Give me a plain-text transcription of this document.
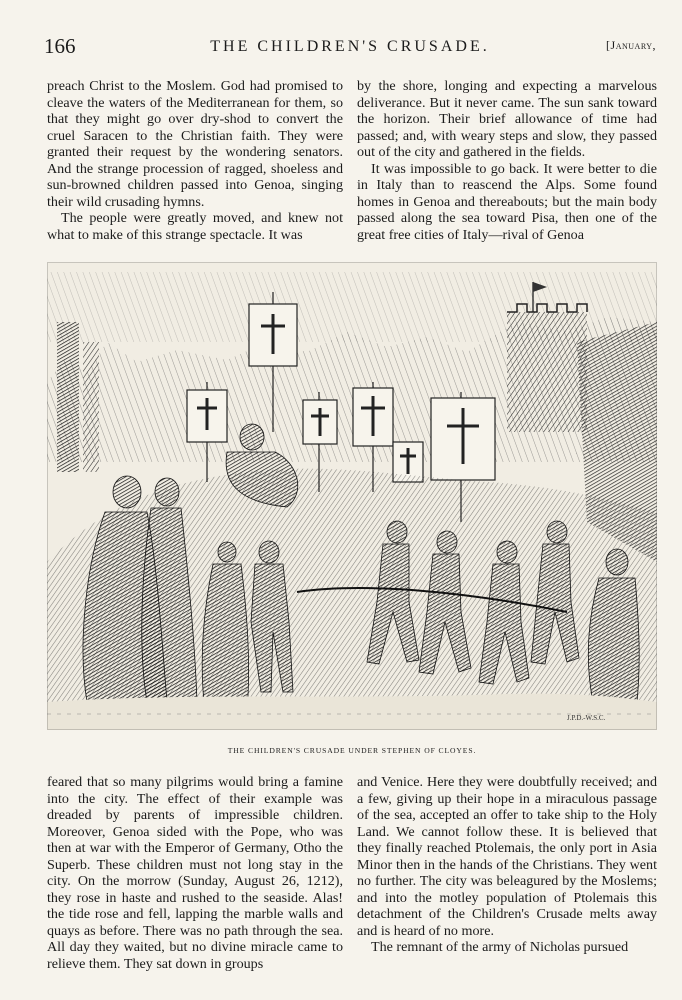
166	THE CHILDREN'S CRUSADE.	[January,

preach Christ to the Moslem. God had promised to cleave the waters of the Mediterranean for them, so that they might go over dry-shod to convert the cruel Saracen to the Christian faith. They were granted their request by the wondering senators. And the strange procession of ragged, shoeless and sun-browned children passed into Genoa, singing their wild crusading hymns.

The people were greatly moved, and knew not what to make of this strange spectacle. It was

by the shore, longing and expecting a marvelous deliverance. But it never came. The sun sank toward the horizon. Their brief allowance of time had passed; and, with weary steps and slow, they passed out of the city and gathered in the fields.

It was impossible to go back. It were better to die in Italy than to reascend the Alps. Some found homes in Genoa and thereabouts; but the main body passed along the sea toward Pisa, then one of the great free cities of Italy—rival of Genoa

J.P.D.-W.S.C.
THE CHILDREN'S CRUSADE UNDER STEPHEN OF CLOYES.

feared that so many pilgrims would bring a famine into the city. The effect of their example was dreaded by parents of impressible children. Moreover, Genoa sided with the Pope, who was then at war with the Emperor of Germany, Otho the Superb. These children must not long stay in the city. On the morrow (Sunday, August 26, 1212), they rose in haste and rushed to the seaside. Alas! the tide rose and fell, lapping the marble walls and quays as before. There was no path through the sea. All day they waited, but no divine miracle came to relieve them. They sat down in groups

and Venice. Here they were doubtfully received; and a few, giving up their hope in a miraculous passage of the sea, accepted an offer to take ship to the Holy Land. We cannot follow these. It is believed that they finally reached Ptolemais, the only port in Asia Minor then in the hands of the Christians. They went no further. The city was beleagured by the Moslems; and into the motley population of Ptolemais this detachment of the Children's Crusade melts away and is heard of no more.

The remnant of the army of Nicholas pursued
